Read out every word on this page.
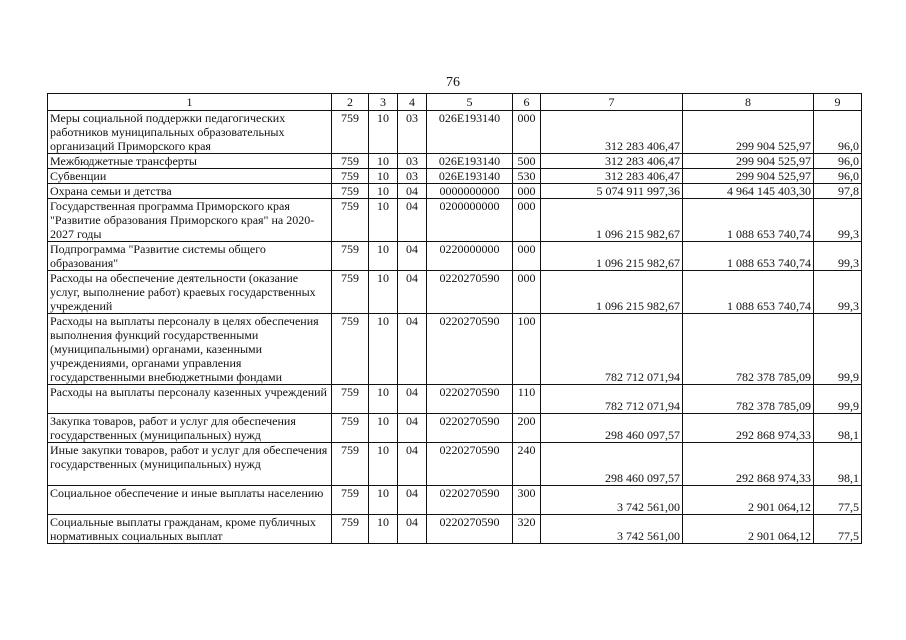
76
1	2	3	4	5	6	7	8	9
Меры социальной поддержки педагогических работников муниципальных образовательных организаций Приморского края	759	10	03	026E193140	000	312 283 406,47	299 904 525,97	96,0
Межбюджетные трансферты	759	10	03	026E193140	500	312 283 406,47	299 904 525,97	96,0
Субвенции	759	10	03	026E193140	530	312 283 406,47	299 904 525,97	96,0
Охрана семьи и детства	759	10	04	0000000000	000	5 074 911 997,36	4 964 145 403,30	97,8
Государственная программа Приморского края "Развитие образования Приморского края" на 2020-2027 годы	759	10	04	0200000000	000	1 096 215 982,67	1 088 653 740,74	99,3
Подпрограмма "Развитие системы общего образования"	759	10	04	0220000000	000	1 096 215 982,67	1 088 653 740,74	99,3
Расходы на обеспечение деятельности (оказание услуг, выполнение работ) краевых государственных учреждений	759	10	04	0220270590	000	1 096 215 982,67	1 088 653 740,74	99,3
Расходы на выплаты персоналу в целях обеспечения выполнения функций государственными (муниципальными) органами, казенными учреждениями, органами управления государственными внебюджетными фондами	759	10	04	0220270590	100	782 712 071,94	782 378 785,09	99,9
Расходы на выплаты персоналу казенных учреждений	759	10	04	0220270590	110	782 712 071,94	782 378 785,09	99,9
Закупка товаров, работ и услуг для обеспечения государственных (муниципальных) нужд	759	10	04	0220270590	200	298 460 097,57	292 868 974,33	98,1
Иные закупки товаров, работ и услуг для обеспечения государственных (муниципальных) нужд	759	10	04	0220270590	240	298 460 097,57	292 868 974,33	98,1
Социальное обеспечение и иные выплаты населению	759	10	04	0220270590	300	3 742 561,00	2 901 064,12	77,5
Социальные выплаты гражданам, кроме публичных нормативных социальных выплат	759	10	04	0220270590	320	3 742 561,00	2 901 064,12	77,5
